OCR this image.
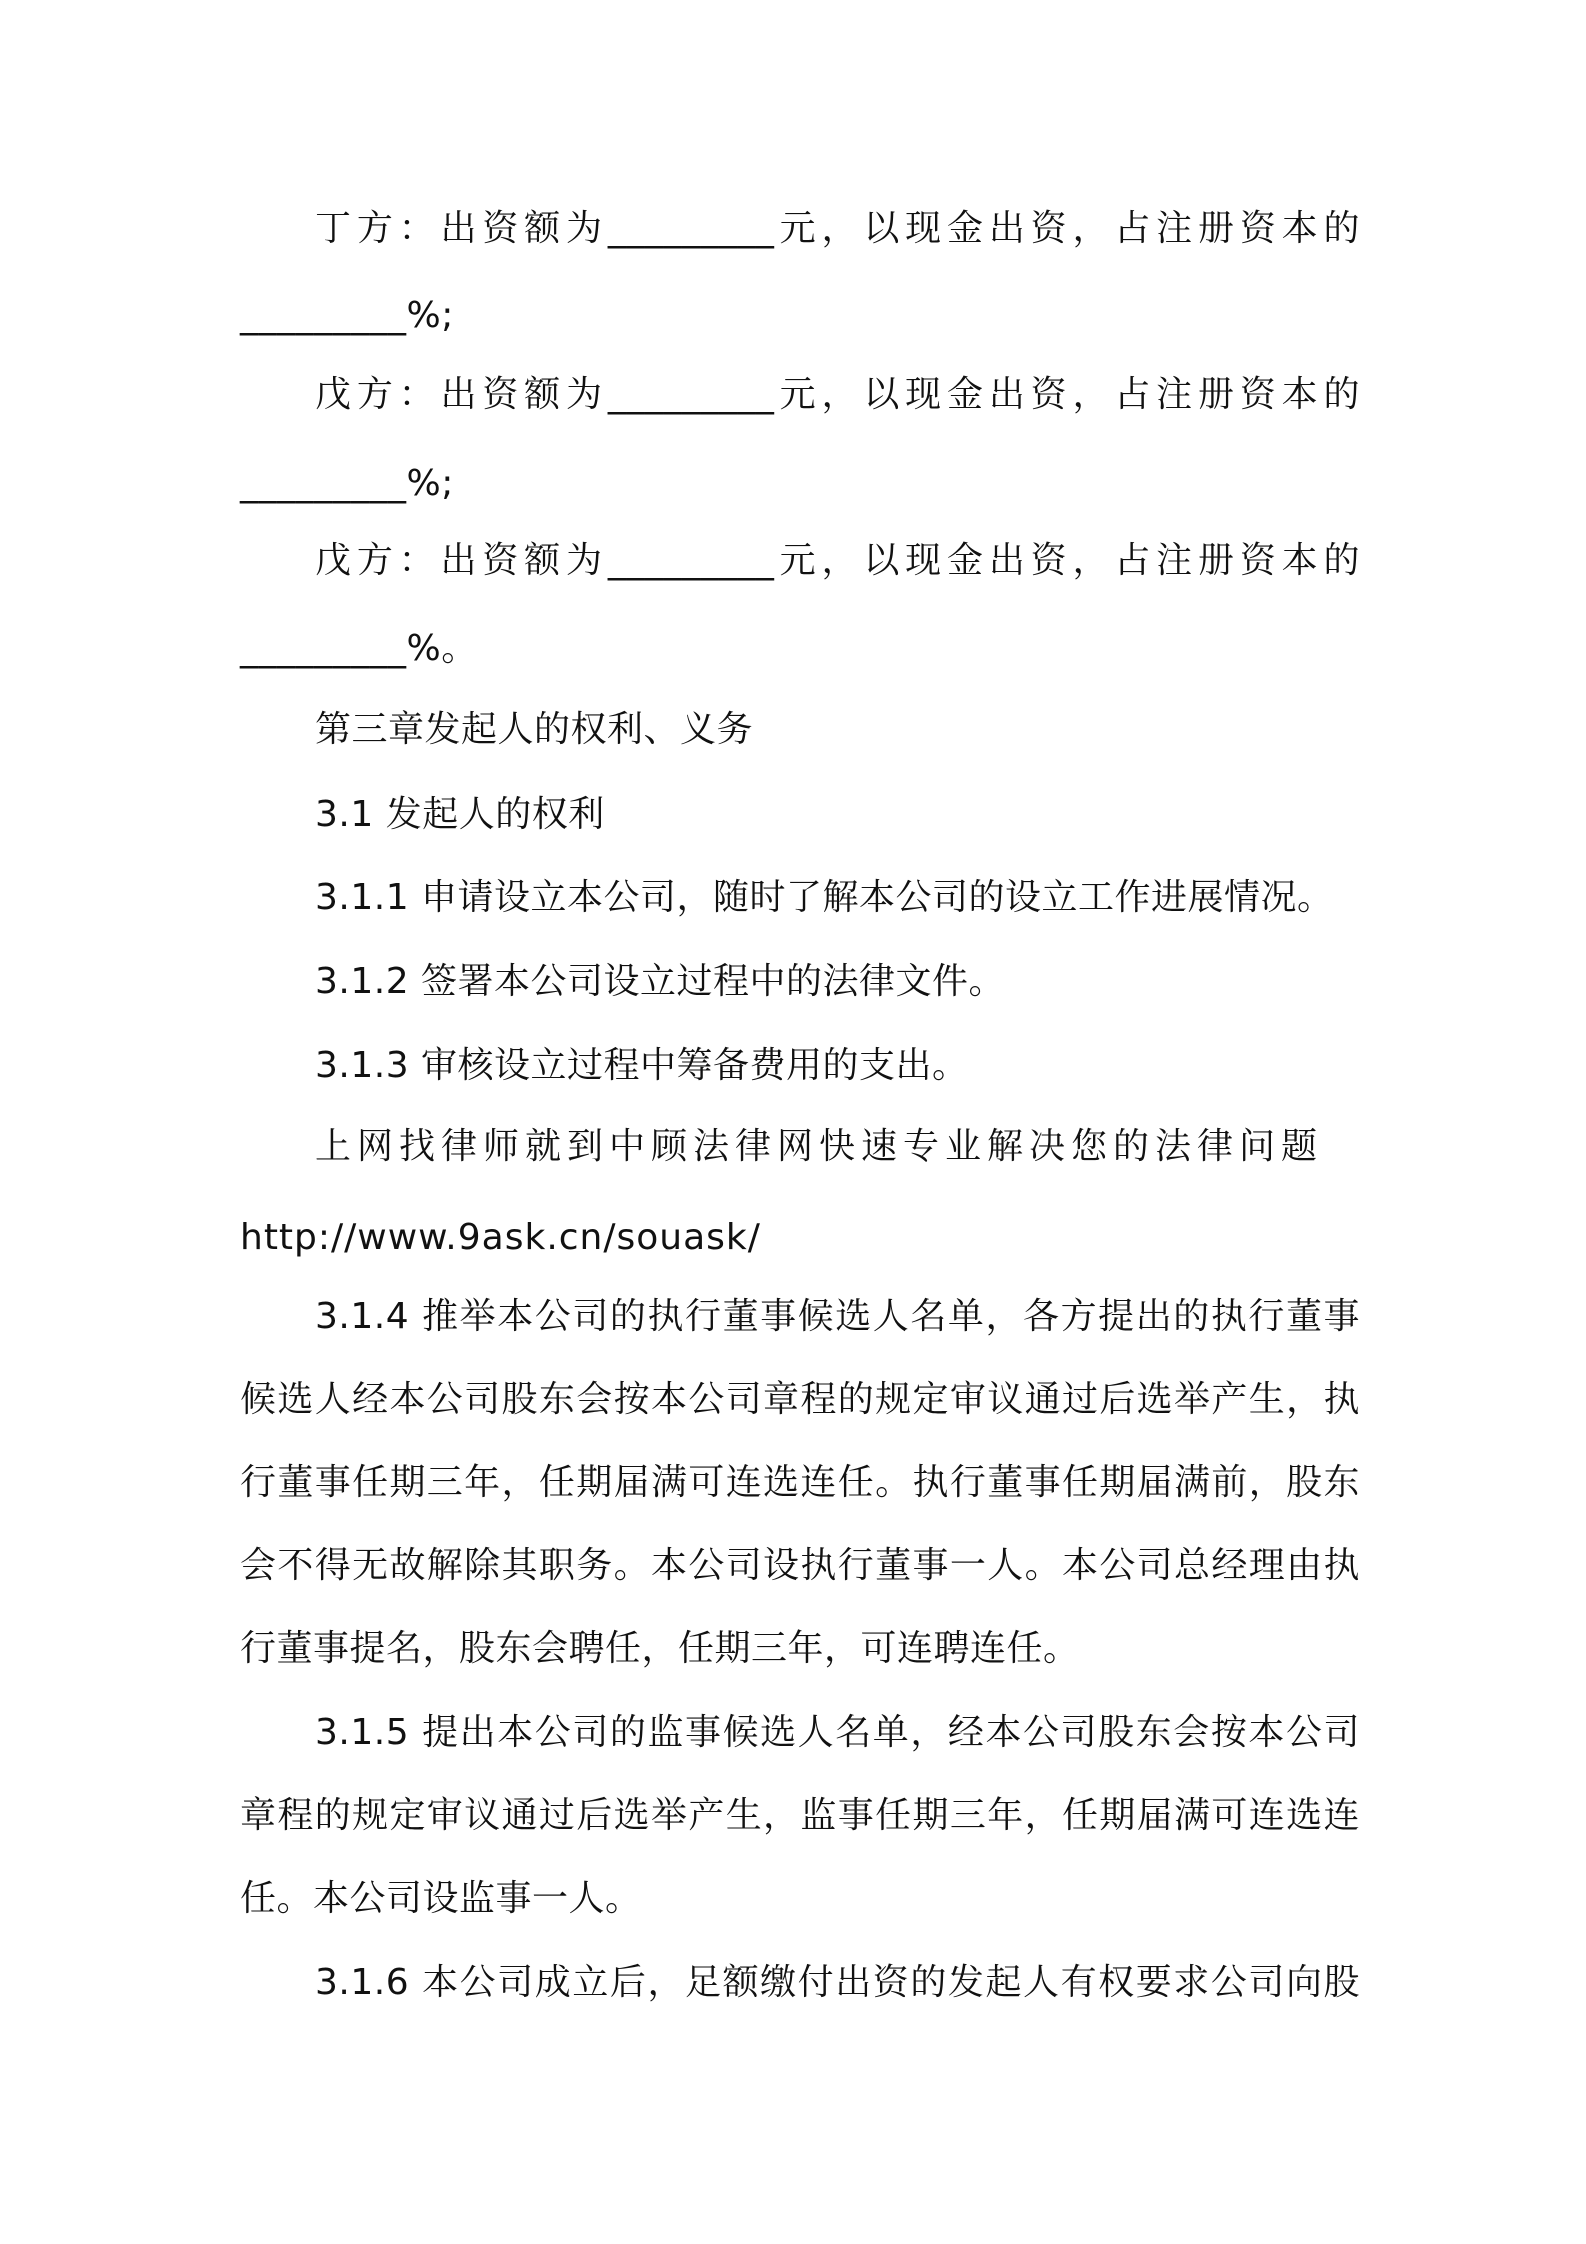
丁方：出资额为_________元，以现金出资，占注册资本的
_________%;
戊方：出资额为_________元，以现金出资，占注册资本的
_________%;
戊方：出资额为_________元，以现金出资，占注册资本的
_________%。
第三章发起人的权利、义务
3.1 发起人的权利
3.1.1 申请设立本公司，随时了解本公司的设立工作进展情况。
3.1.2 签署本公司设立过程中的法律文件。
3.1.3 审核设立过程中筹备费用的支出。
上网找律师就到中顾法律网快速专业解决您的法律问题
http://www.9ask.cn/souask/
3.1.4 推举本公司的执行董事候选人名单，各方提出的执行董事
候选人经本公司股东会按本公司章程的规定审议通过后选举产生，执
行董事任期三年，任期届满可连选连任。执行董事任期届满前，股东
会不得无故解除其职务。本公司设执行董事一人。本公司总经理由执
行董事提名，股东会聘任，任期三年，可连聘连任。
3.1.5 提出本公司的监事候选人名单，经本公司股东会按本公司
章程的规定审议通过后选举产生，监事任期三年，任期届满可连选连
任。本公司设监事一人。
3.1.6 本公司成立后，足额缴付出资的发起人有权要求公司向股
